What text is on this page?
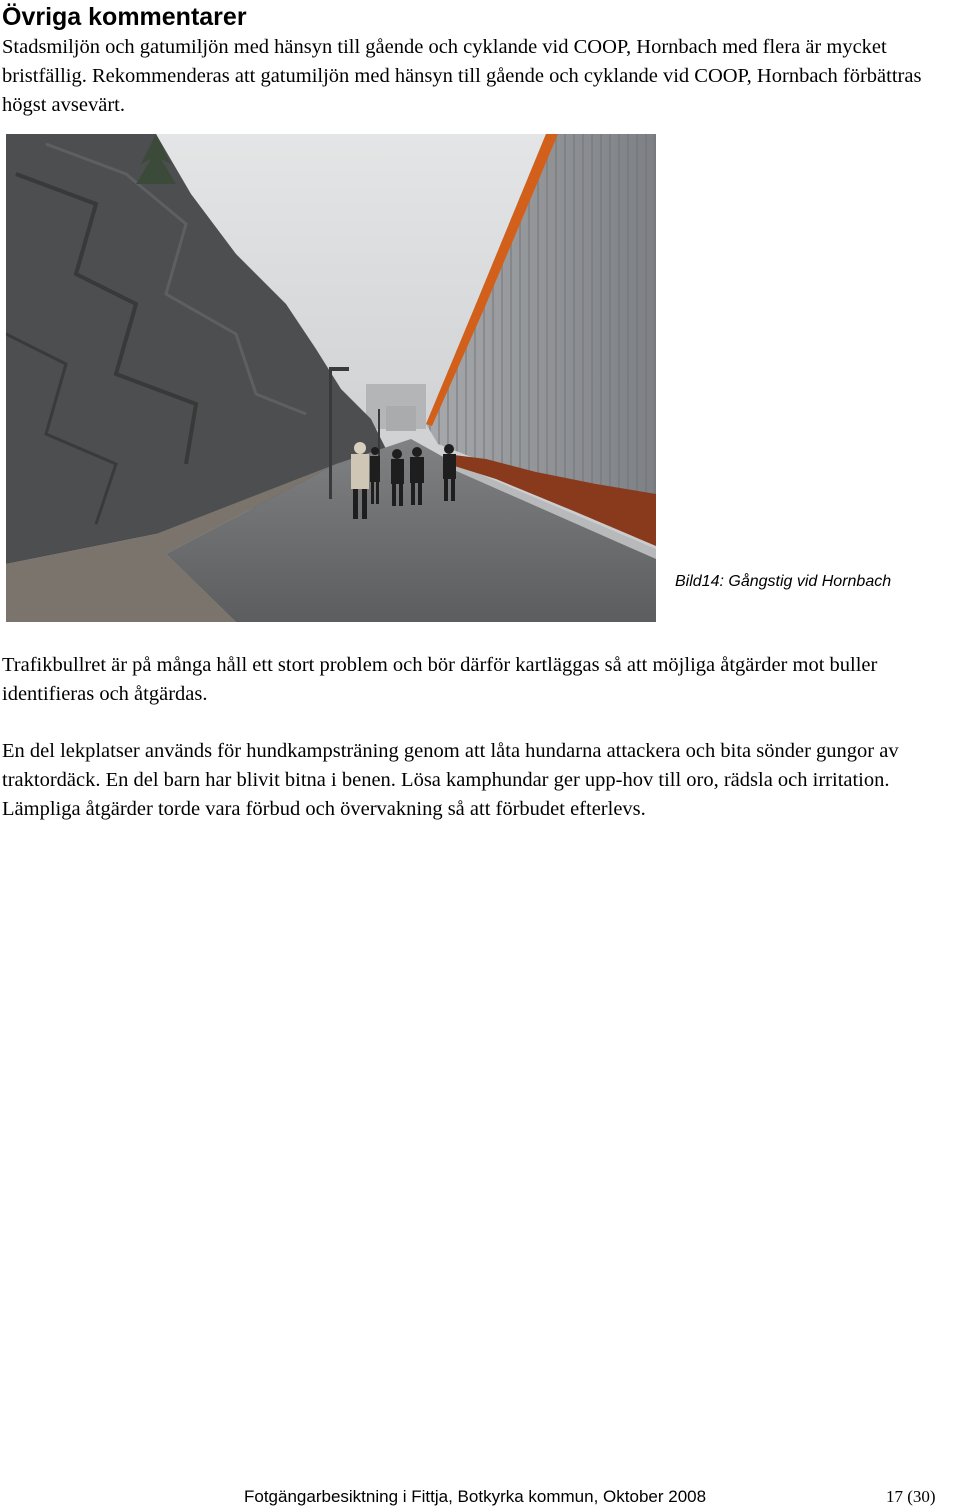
Övriga kommentarer

Stadsmiljön och gatumiljön med hänsyn till gående och cyklande vid COOP, Hornbach med flera är mycket bristfällig. Rekommenderas att gatumiljön med hänsyn till gående och cyklande vid COOP, Hornbach förbättras högst avsevärt.

Bild14: Gångstig vid Hornbach

Trafikbullret är på många håll ett stort problem och bör därför kartläggas så att möjliga åtgärder mot buller identifieras och åtgärdas.

En del lekplatser används för hundkampsträning genom att låta hundarna attackera och bita sönder gungor av traktordäck. En del barn har blivit bitna i benen. Lösa kamphundar ger upp-hov till oro, rädsla och irritation. Lämpliga åtgärder torde vara förbud och övervakning så att förbudet efterlevs.

Fotgängarbesiktning i Fittja, Botkyrka kommun, Oktober 2008	17 (30)
